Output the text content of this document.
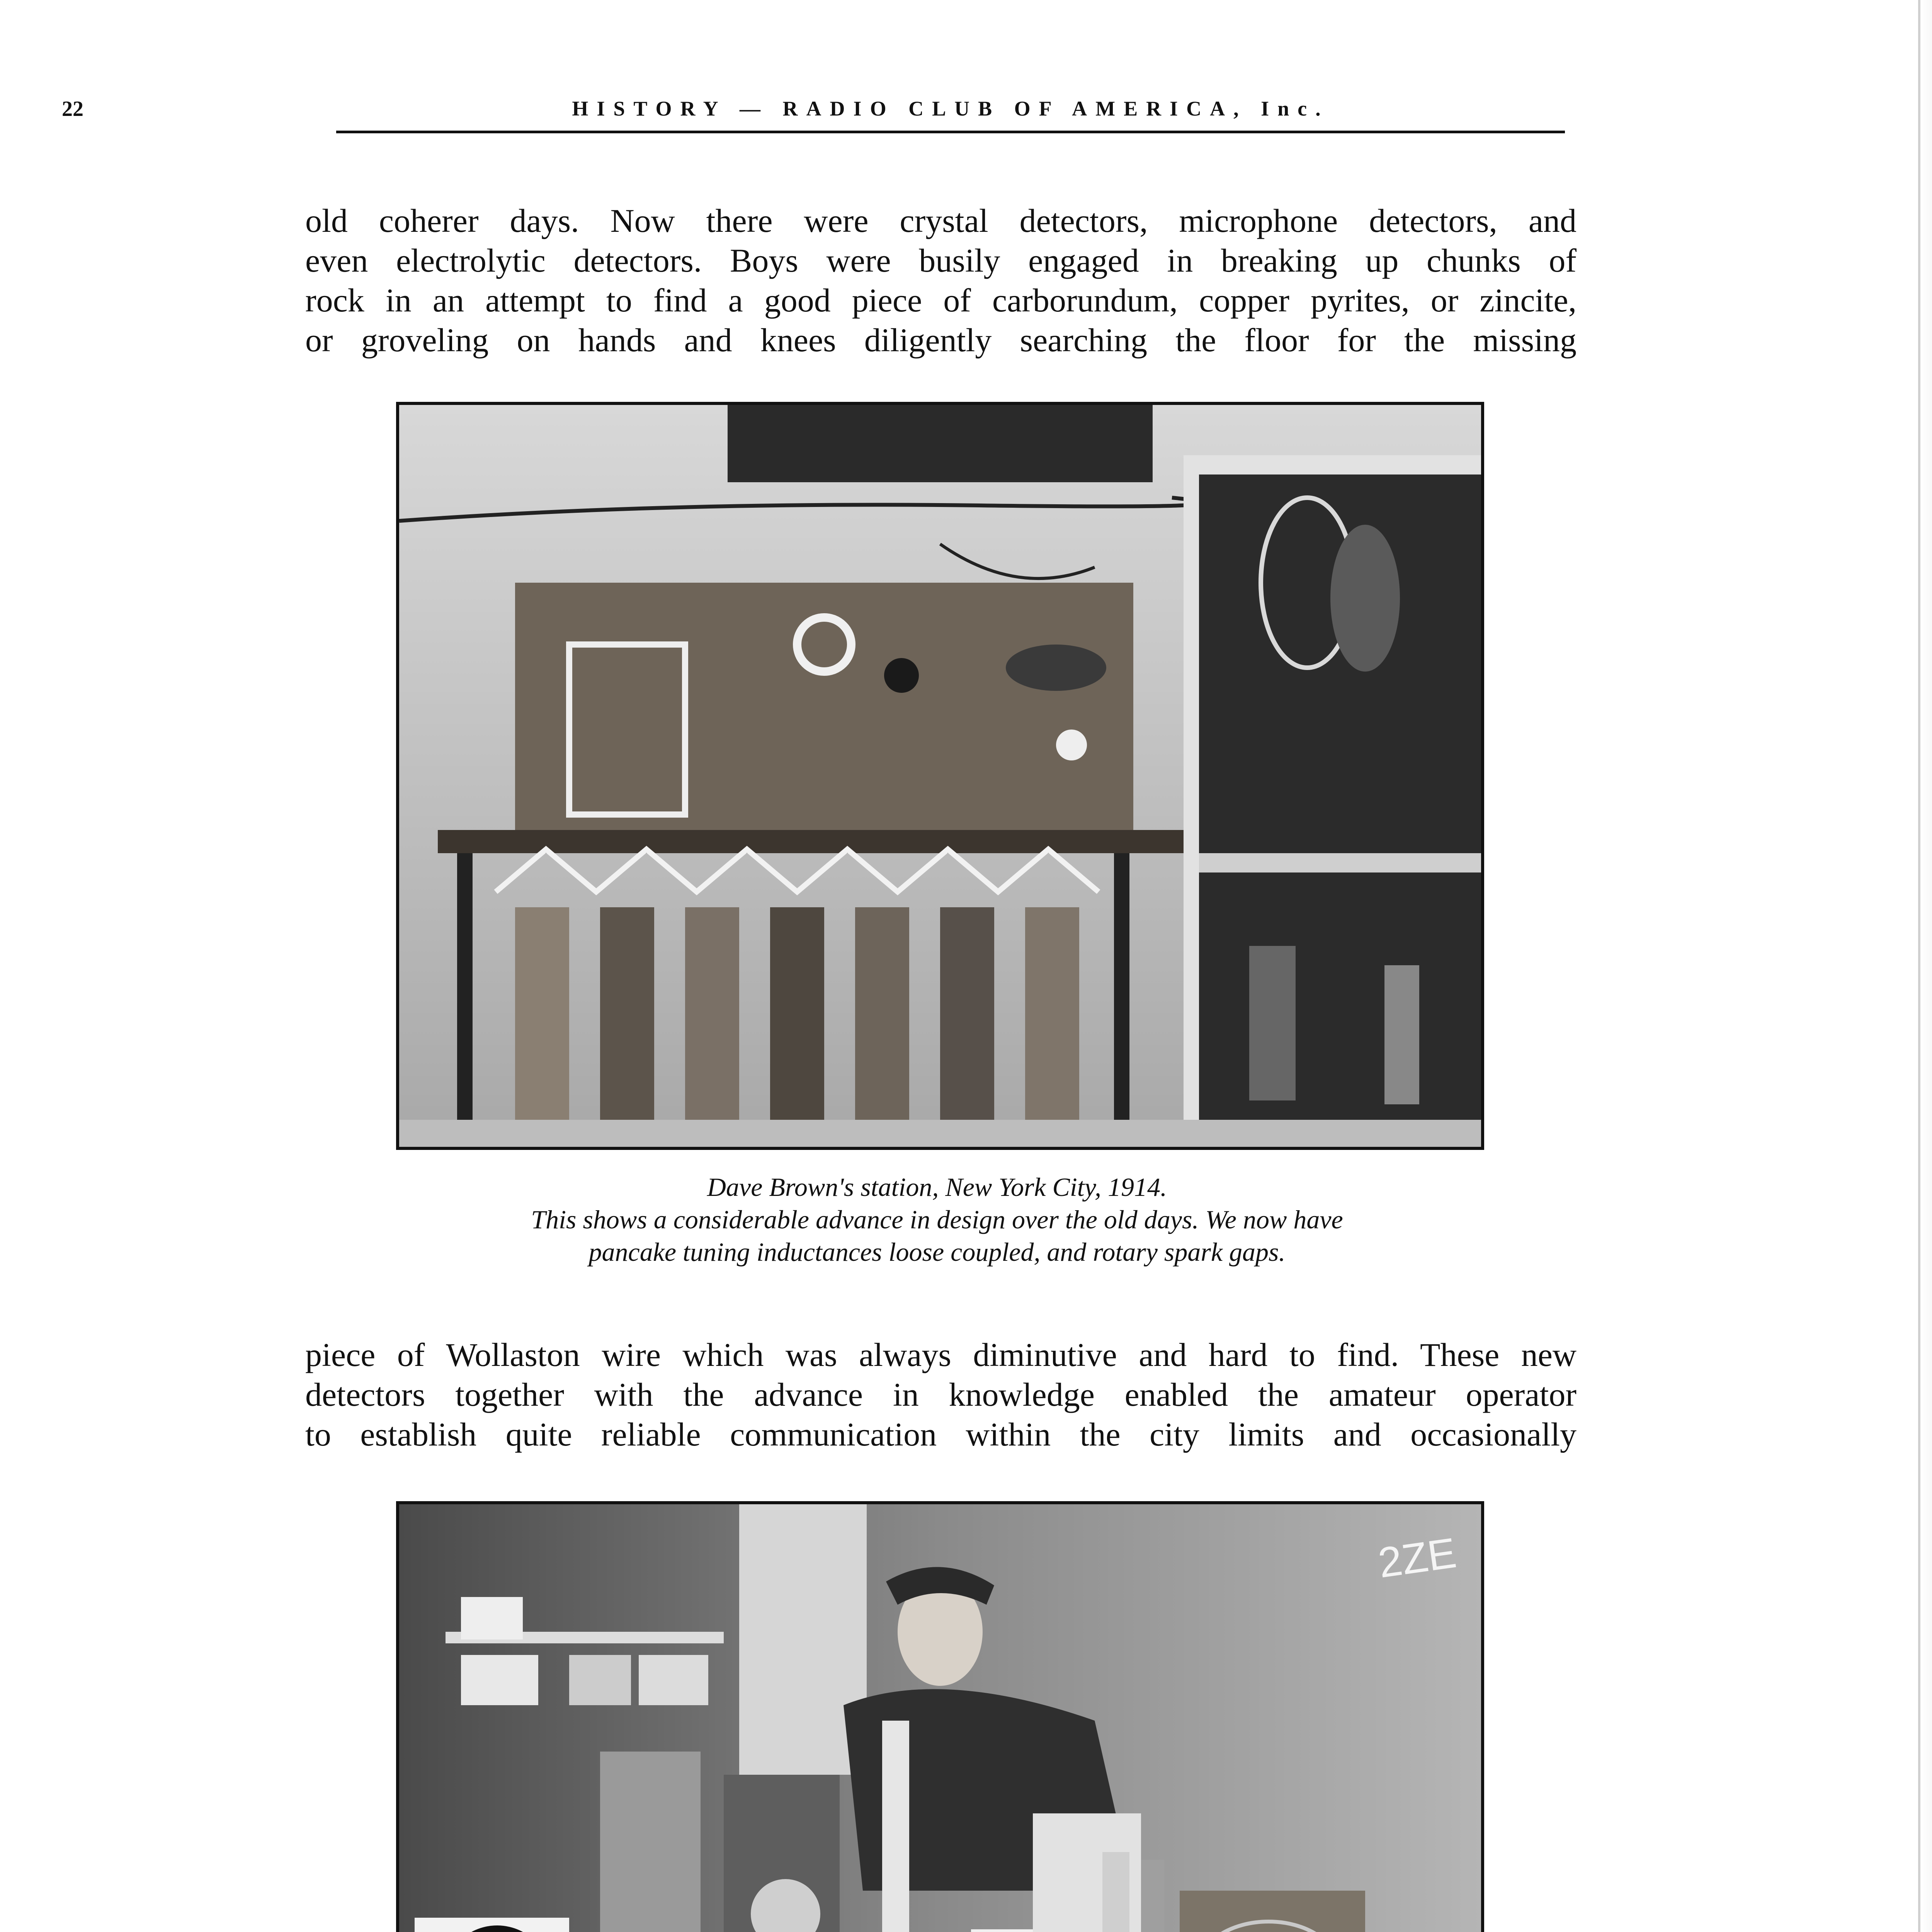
22	HISTORY — RADIO CLUB OF AMERICA, Inc.
old coherer days. Now there were crystal detectors, microphone detectors, and
even electrolytic detectors. Boys were busily engaged in breaking up chunks of
rock in an attempt to find a good piece of carborundum, copper pyrites, or zincite,
or groveling on hands and knees diligently searching the floor for the missing
Dave Brown's station, New York City, 1914.
This shows a considerable advance in design over the old days. We now have
pancake tuning inductances loose coupled, and rotary spark gaps.
piece of Wollaston wire which was always diminutive and hard to find. These new
detectors together with the advance in knowledge enabled the amateur operator
to establish quite reliable communication within the city limits and occasionally
2ZE
